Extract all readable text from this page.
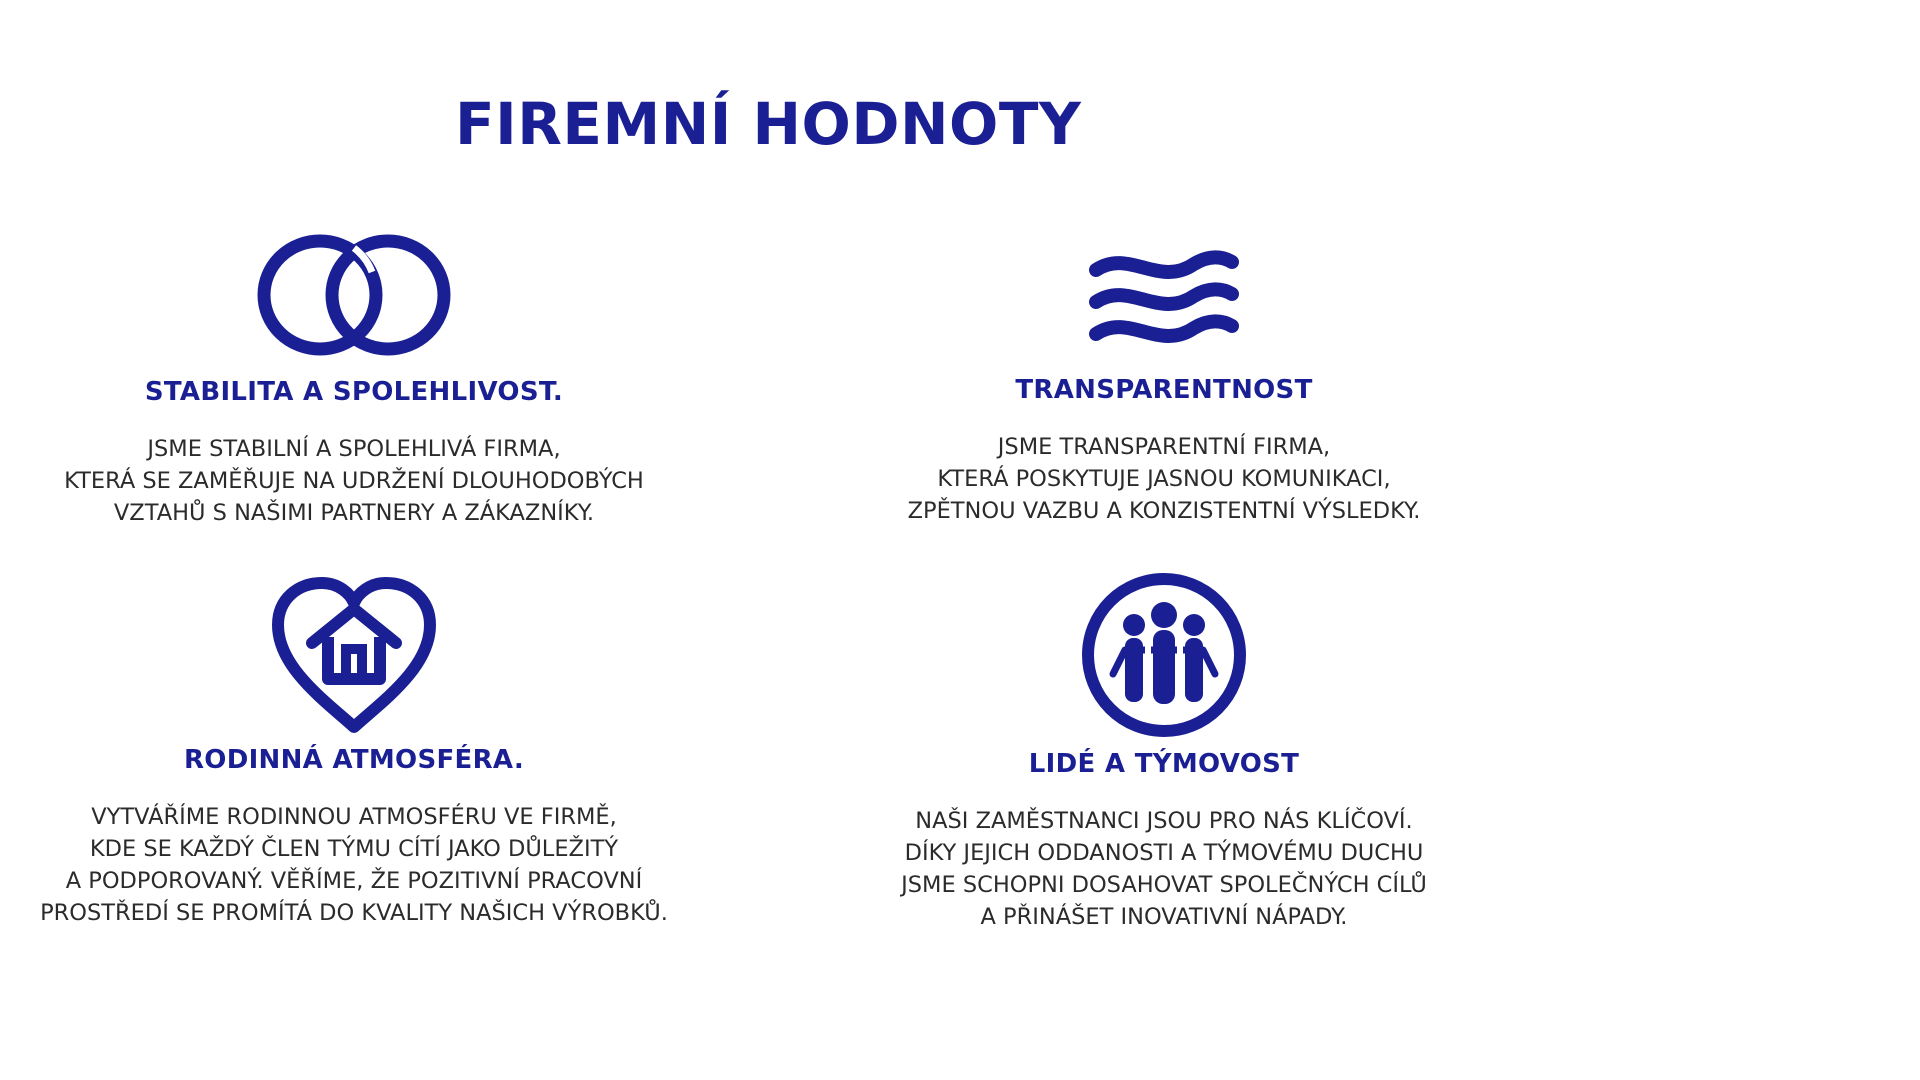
FIREMNÍ HODNOTY
STABILITA A SPOLEHLIVOST.

JSME STABILNÍ A SPOLEHLIVÁ FIRMA,
KTERÁ SE ZAMĚŘUJE NA UDRŽENÍ DLOUHODOBÝCH
VZTAHŮ S NAŠIMI PARTNERY A ZÁKAZNÍKY.

TRANSPARENTNOST

JSME TRANSPARENTNÍ FIRMA,
KTERÁ POSKYTUJE JASNOU KOMUNIKACI,
ZPĚTNOU VAZBU A KONZISTENTNÍ VÝSLEDKY.

RODINNÁ ATMOSFÉRA.

VYTVÁŘÍME RODINNOU ATMOSFÉRU VE FIRMĚ,
KDE SE KAŽDÝ ČLEN TÝMU CÍTÍ JAKO DŮLEŽITÝ
A PODPOROVANÝ. VĚŘÍME, ŽE POZITIVNÍ PRACOVNÍ
PROSTŘEDÍ SE PROMÍTÁ DO KVALITY NAŠICH VÝROBKŮ.

LIDÉ A TÝMOVOST

NAŠI ZAMĚSTNANCI JSOU PRO NÁS KLÍČOVÍ.
DÍKY JEJICH ODDANOSTI A TÝMOVÉMU DUCHU
JSME SCHOPNI DOSAHOVAT SPOLEČNÝCH CÍLŮ
A PŘINÁŠET INOVATIVNÍ NÁPADY.
